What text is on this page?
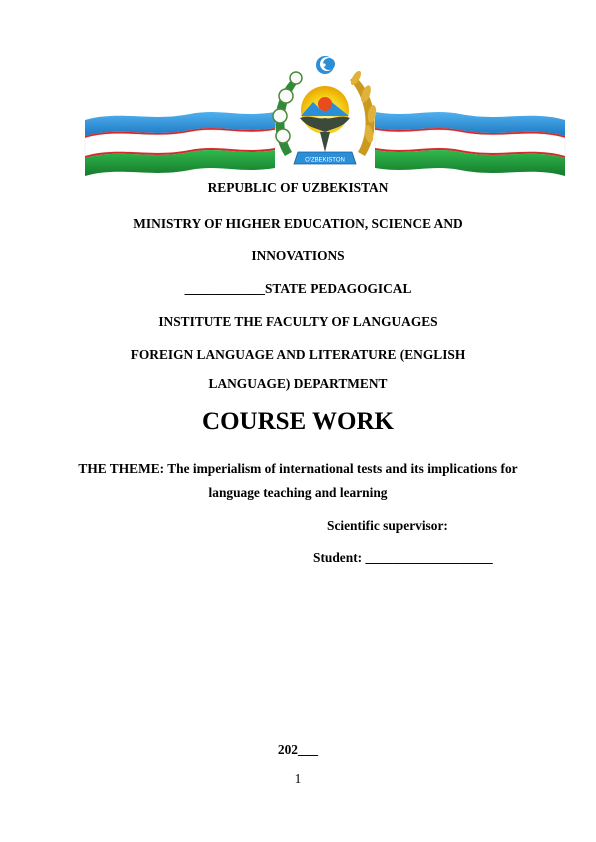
O'ZBEKISTON
REPUBLIC OF UZBEKISTAN
MINISTRY OF HIGHER EDUCATION, SCIENCE AND
INNOVATIONS
____________STATE PEDAGOGICAL
INSTITUTE THE FACULTY OF LANGUAGES
FOREIGN LANGUAGE AND LITERATURE (ENGLISH
LANGUAGE) DEPARTMENT
COURSE WORK
THE THEME: The imperialism of international tests and its implications for
language teaching and learning
Scientific supervisor:
Student: ___________________
202___
1
